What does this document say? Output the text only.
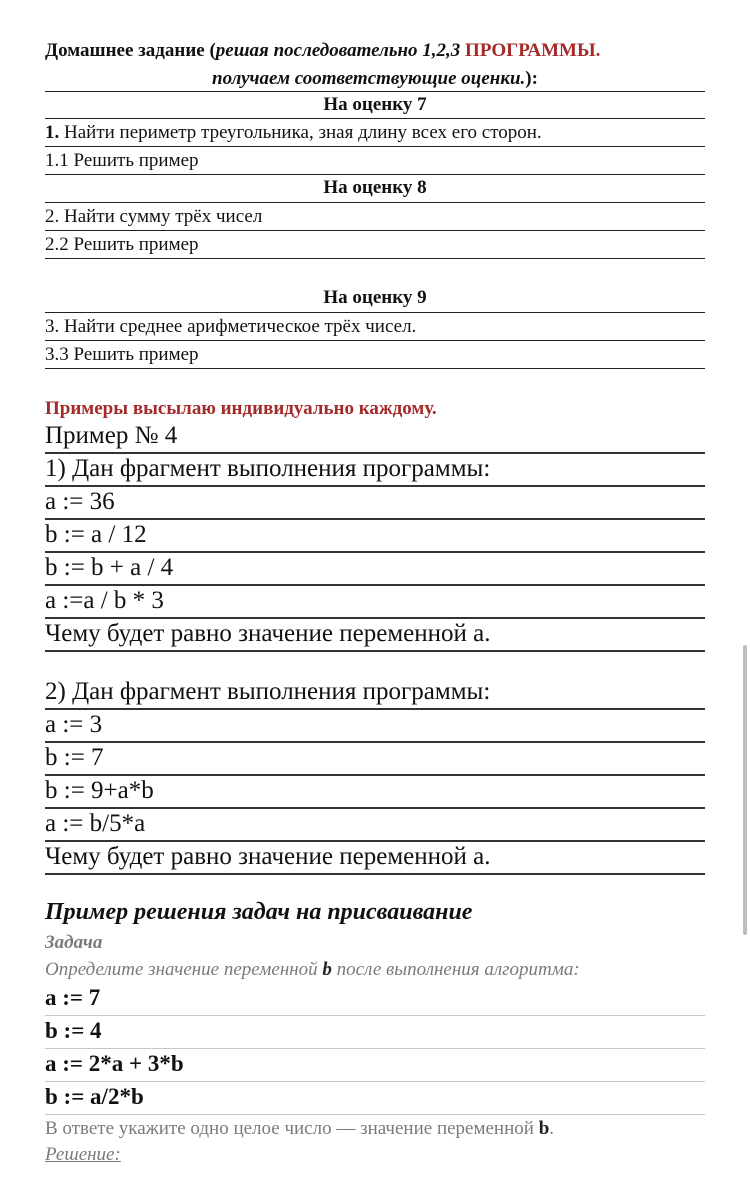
Домашнее задание (решая последовательно 1,2,3 ПРОГРАММЫ.
получаем соответствующие оценки.):
На оценку 7
1. Найти периметр треугольника, зная длину всех его сторон.
1.1 Решить пример
На оценку 8
2. Найти сумму трёх чисел
2.2 Решить пример
На оценку 9
3. Найти среднее арифметическое трёх чисел.
3.3 Решить пример
Примеры высылаю индивидуально каждому.
Пример № 4
1) Дан фрагмент выполнения программы:
a := 36
b := a / 12
b := b + a / 4
a :=a / b * 3
Чему будет равно значение переменной а.
2) Дан фрагмент выполнения программы:
a := 3
b := 7
b := 9+a*b
a := b/5*a
Чему будет равно значение переменной а.
Пример решения задач на присваивание
Задача
Определите значение переменной b после выполнения алгоритма:
a := 7
b := 4
a := 2*a + 3*b
b := a/2*b
В ответе укажите одно целое число — значение переменной b.
Решение:
